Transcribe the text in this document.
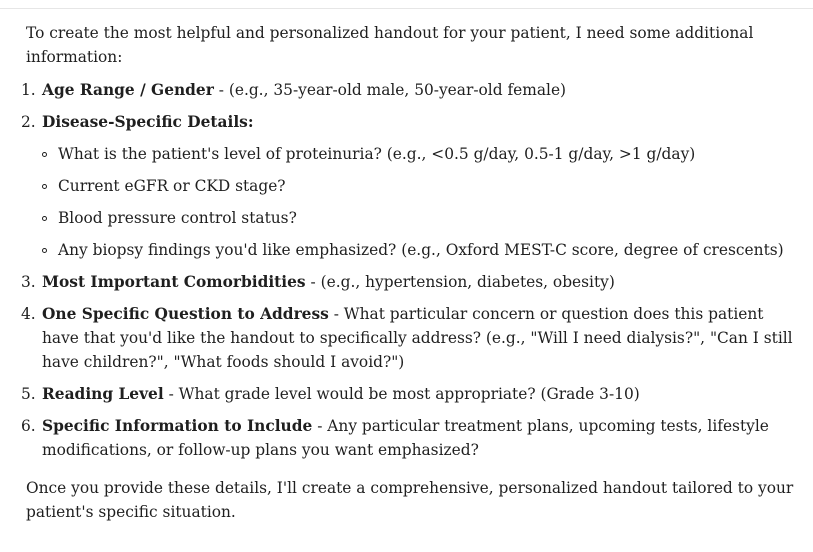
To create the most helpful and personalized handout for your patient, I need some additional information:

1. Age Range / Gender - (e.g., 35-year-old male, 50-year-old female)
2. Disease-Specific Details:
What is the patient's level of proteinuria? (e.g., <0.5 g/day, 0.5-1 g/day, >1 g/day)
Current eGFR or CKD stage?
Blood pressure control status?
Any biopsy findings you'd like emphasized? (e.g., Oxford MEST-C score, degree of crescents)
3. Most Important Comorbidities - (e.g., hypertension, diabetes, obesity)
4. One Specific Question to Address - What particular concern or question does this patient have that you'd like the handout to specifically address? (e.g., "Will I need dialysis?", "Can I still have children?", "What foods should I avoid?")
5. Reading Level - What grade level would be most appropriate? (Grade 3-10)
6. Specific Information to Include - Any particular treatment plans, upcoming tests, lifestyle modifications, or follow-up plans you want emphasized?

Once you provide these details, I'll create a comprehensive, personalized handout tailored to your patient's specific situation.
